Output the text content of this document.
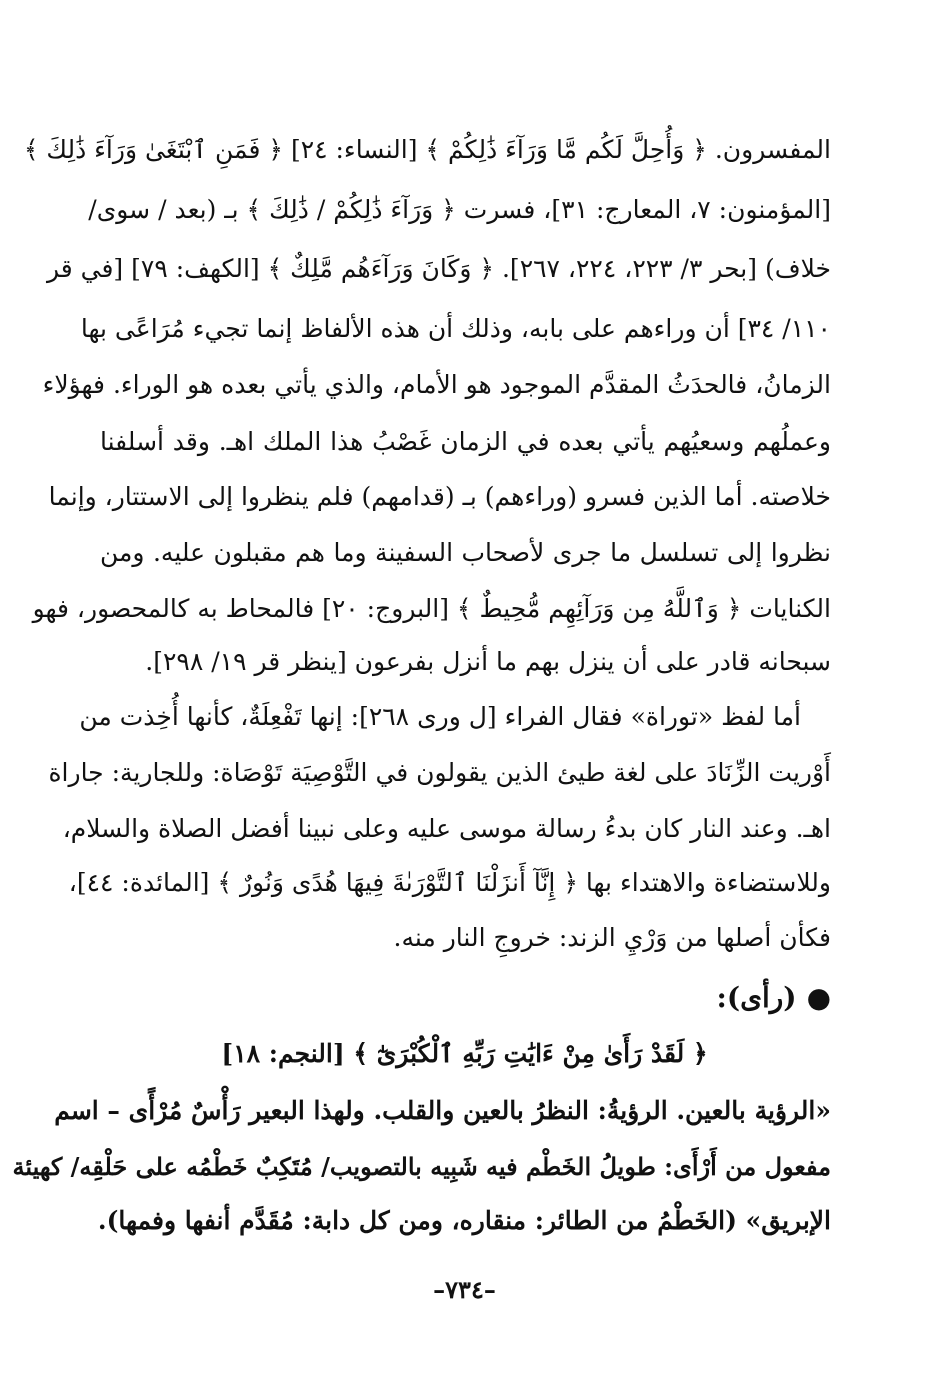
المفسرون. ﴿ وَأُحِلَّ لَكُم مَّا وَرَآءَ ذَٰلِكُمْ ﴾ [النساء: ٢٤] ﴿ فَمَنِ ٱبْتَغَىٰ وَرَآءَ ذَٰلِكَ ﴾
[المؤمنون: ٧، المعارج: ٣١]، فسرت ﴿ وَرَآءَ ذَٰلِكُمْ / ذَٰلِكَ ﴾ بـ (بعد / سوى/
خلاف) [بحر ٣/ ٢٢٣، ٢٢٤، ٢٦٧]. ﴿ وَكَانَ وَرَآءَهُم مَّلِكٌ ﴾ [الكهف: ٧٩] [في قر
١١٠/ ٣٤] أن وراءهم على بابه، وذلك أن هذه الألفاظ إنما تجيء مُرَاعًى بها
الزمانُ، فالحدَثُ المقدَّم الموجود هو الأمام، والذي يأتي بعده هو الوراء. فهؤلاء
وعملُهم وسعيُهم يأتي بعده في الزمان غَصْبُ هذا الملك اهـ. وقد أسلفنا
خلاصته. أما الذين فسرو (وراءهم) بـ (قدامهم) فلم ينظروا إلى الاستتار، وإنما
نظروا إلى تسلسل ما جرى لأصحاب السفينة وما هم مقبلون عليه. ومن
الكنايات ﴿ وَٱللَّهُ مِن وَرَآئِهِم مُّحِيطٌ ﴾ [البروج: ٢٠] فالمحاط به كالمحصور، فهو
سبحانه قادر على أن ينزل بهم ما أنزل بفرعون [ينظر قر ١٩/ ٢٩٨].
أما لفظ «توراة» فقال الفراء [ل ورى ٢٦٨]: إنها تَفْعِلَةٌ، كأنها أُخِذت من
أَوْريت الزِّنَادَ على لغة طيئ الذين يقولون في التَّوْصِيَة تَوْصَاة: وللجارية: جاراة
اهـ. وعند النار كان بدءُ رسالة موسى عليه وعلى نبينا أفضل الصلاة والسلام،
وللاستضاءة والاهتداء بها ﴿ إِنَّآ أَنزَلْنَا ٱلتَّوْرَىٰةَ فِيهَا هُدًى وَنُورٌ ﴾ [المائدة: ٤٤]،
فكأن أصلها من وَرْيِ الزند: خروجِ النار منه.
●(رأى):
﴿ لَقَدْ رَأَىٰ مِنْ ءَايَٰتِ رَبِّهِ ٱلْكُبْرَىٰٓ ﴾ [النجم: ١٨]
«الرؤية بالعين. الرؤيةُ: النظرُ بالعين والقلب. ولهذا البعير رَأْسٌ مُرْأًى – اسم
مفعول من أَرْأَى: طويلُ الخَطْم فيه شَبِيه بالتصويب/ مُتَكِبٌ خَطْمُه على حَلْقِه/ كهيئة
الإبريق» (الخَطْمُ من الطائر: منقاره، ومن كل دابة: مُقَدَّم أنفها وفمها).
–٧٣٤–
